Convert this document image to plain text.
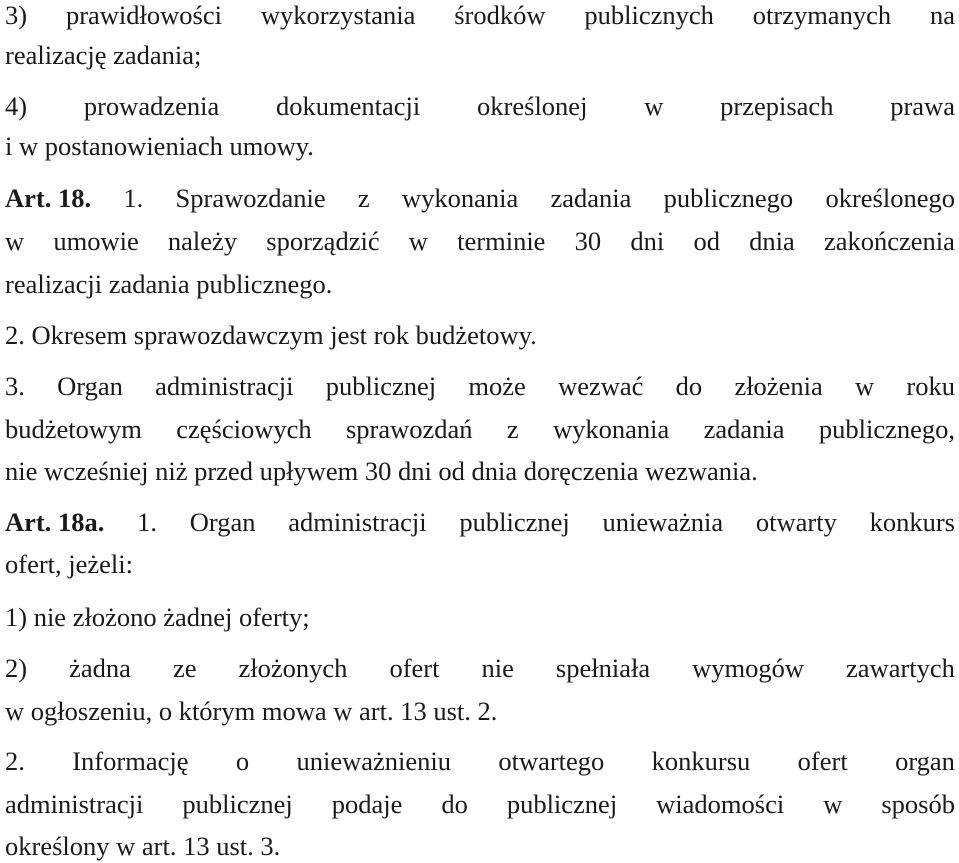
3) prawidłowości wykorzystania środków publicznych otrzymanych na
realizację zadania;
4) prowadzenia dokumentacji określonej w przepisach prawa
i w postanowieniach umowy.
Art. 18. 1. Sprawozdanie z wykonania zadania publicznego określonego
w umowie należy sporządzić w terminie 30 dni od dnia zakończenia
realizacji zadania publicznego.
2. Okresem sprawozdawczym jest rok budżetowy.
3. Organ administracji publicznej może wezwać do złożenia w roku
budżetowym częściowych sprawozdań z wykonania zadania publicznego,
nie wcześniej niż przed upływem 30 dni od dnia doręczenia wezwania.
Art. 18a. 1. Organ administracji publicznej unieważnia otwarty konkurs
ofert, jeżeli:
1) nie złożono żadnej oferty;
2) żadna ze złożonych ofert nie spełniała wymogów zawartych
w ogłoszeniu, o którym mowa w art. 13 ust. 2.
2. Informację o unieważnieniu otwartego konkursu ofert organ
administracji publicznej podaje do publicznej wiadomości w sposób
określony w art. 13 ust. 3.
